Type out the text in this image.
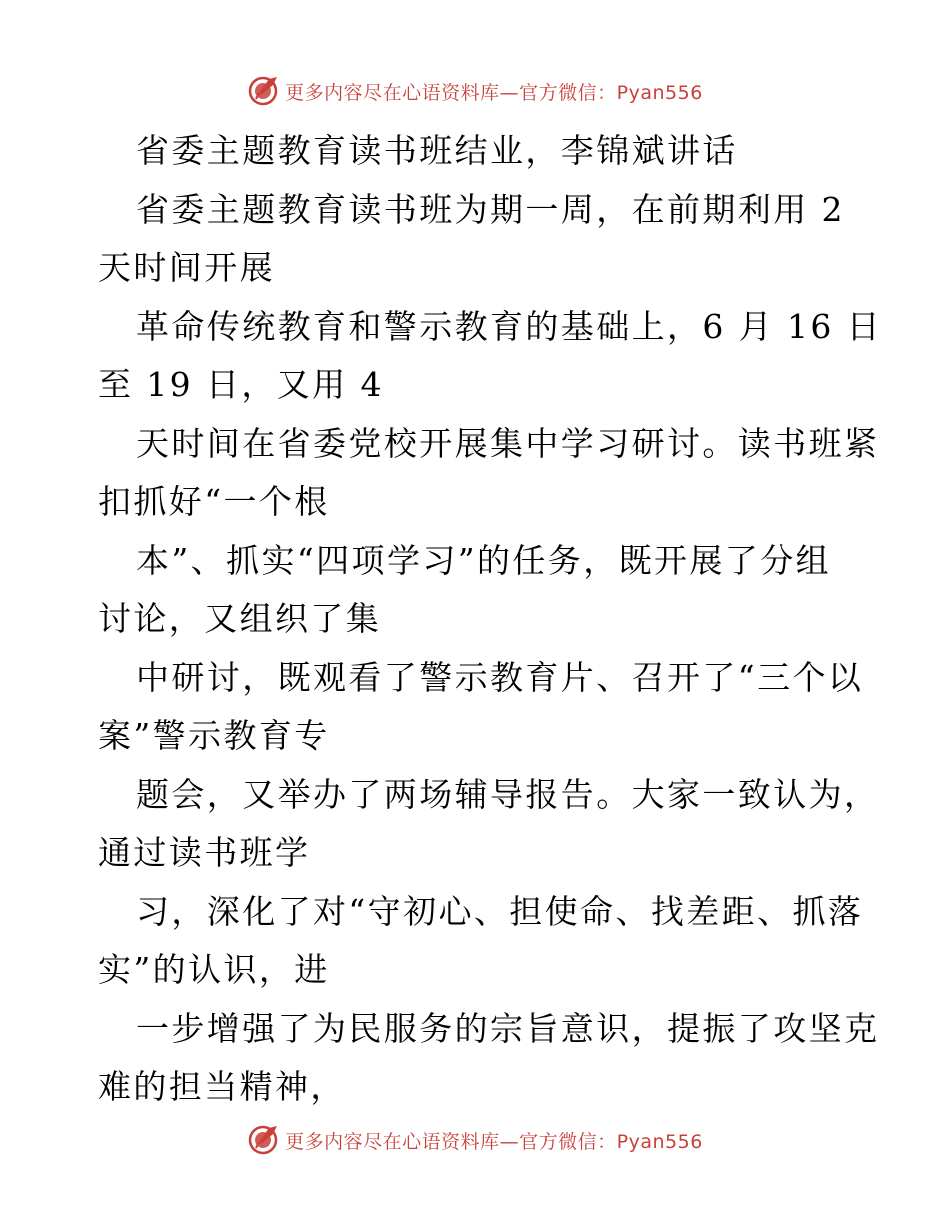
更多内容尽在心语资料库—官方微信：Pyan556
省委主题教育读书班结业，李锦斌讲话
省委主题教育读书班为期一周，在前期利用 2
天时间开展
革命传统教育和警示教育的基础上，6 月 16 日
至 19 日，又用 4
天时间在省委党校开展集中学习研讨。读书班紧
扣抓好“一个根
本”、抓实“四项学习”的任务，既开展了分组
讨论，又组织了集
中研讨，既观看了警示教育片、召开了“三个以
案”警示教育专
题会，又举办了两场辅导报告。大家一致认为，
通过读书班学
习，深化了对“守初心、担使命、找差距、抓落
实”的认识，进
一步增强了为民服务的宗旨意识，提振了攻坚克
难的担当精神，
更多内容尽在心语资料库—官方微信：Pyan556
